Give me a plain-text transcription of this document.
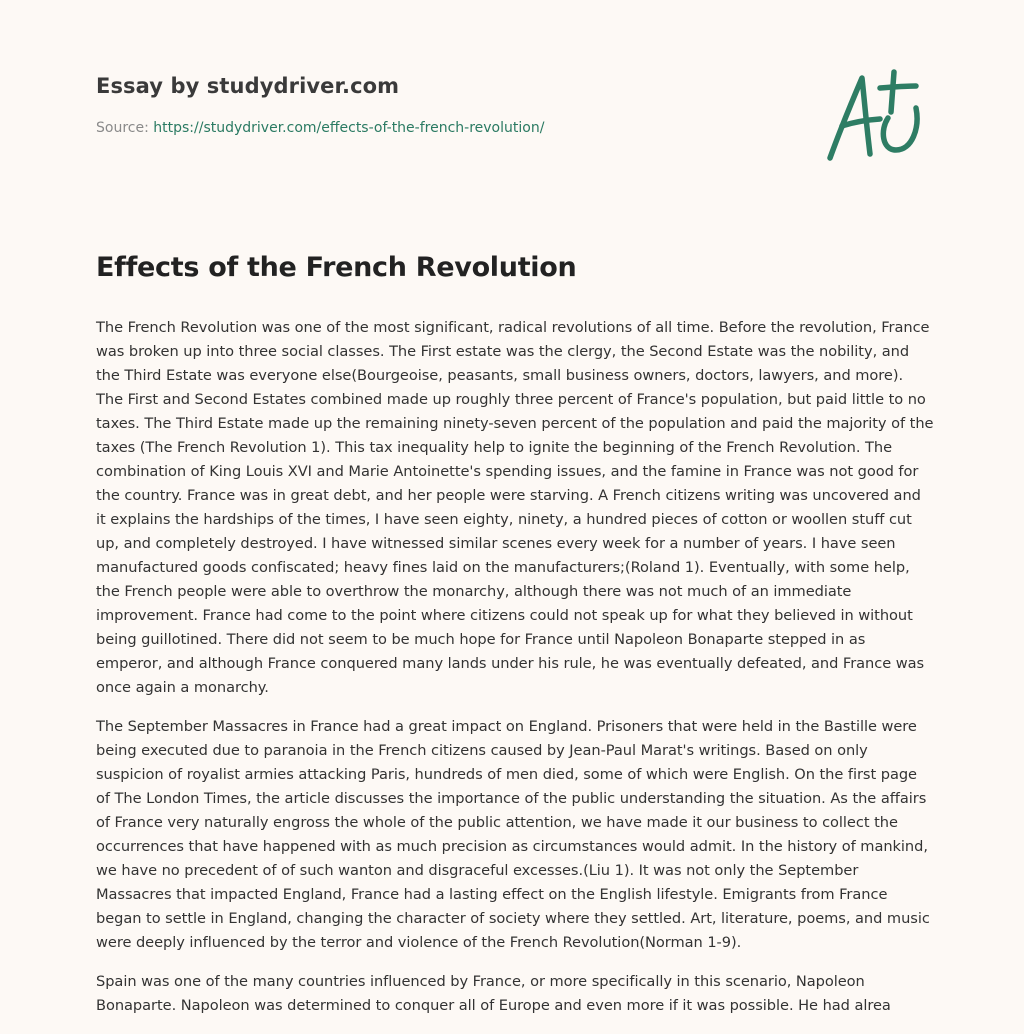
Essay by studydriver.com
Source: https://studydriver.com/effects-of-the-french-revolution/
Effects of the French Revolution

The French Revolution was one of the most significant, radical revolutions of all time. Before the revolution, France was broken up into three social classes. The First estate was the clergy, the Second Estate was the nobility, and the Third Estate was everyone else(Bourgeoise, peasants, small business owners, doctors, lawyers, and more). The First and Second Estates combined made up roughly three percent of France's population, but paid little to no taxes. The Third Estate made up the remaining ninety-seven percent of the population and paid the majority of the taxes (The French Revolution 1). This tax inequality help to ignite the beginning of the French Revolution. The combination of King Louis XVI and Marie Antoinette's spending issues, and the famine in France was not good for the country. France was in great debt, and her people were starving. A French citizens writing was uncovered and it explains the hardships of the times, I have seen eighty, ninety, a hundred pieces of cotton or woollen stuff cut up, and completely destroyed. I have witnessed similar scenes every week for a number of years. I have seen manufactured goods confiscated; heavy fines laid on the manufacturers;(Roland 1). Eventually, with some help, the French people were able to overthrow the monarchy, although there was not much of an immediate improvement. France had come to the point where citizens could not speak up for what they believed in without being guillotined. There did not seem to be much hope for France until Napoleon Bonaparte stepped in as emperor, and although France conquered many lands under his rule, he was eventually defeated, and France was once again a monarchy.

The September Massacres in France had a great impact on England. Prisoners that were held in the Bastille were being executed due to paranoia in the French citizens caused by Jean-Paul Marat's writings. Based on only suspicion of royalist armies attacking Paris, hundreds of men died, some of which were English. On the first page of The London Times, the article discusses the importance of the public understanding the situation. As the affairs of France very naturally engross the whole of the public attention, we have made it our business to collect the occurrences that have happened with as much precision as circumstances would admit. In the history of mankind, we have no precedent of of such wanton and disgraceful excesses.(Liu 1). It was not only the September Massacres that impacted England, France had a lasting effect on the English lifestyle. Emigrants from France began to settle in England, changing the character of society where they settled. Art, literature, poems, and music were deeply influenced by the terror and violence of the French Revolution(Norman 1-9).

Spain was one of the many countries influenced by France, or more specifically in this scenario, Napoleon Bonaparte. Napoleon was determined to conquer all of Europe and even more if it was possible. He had alrea
